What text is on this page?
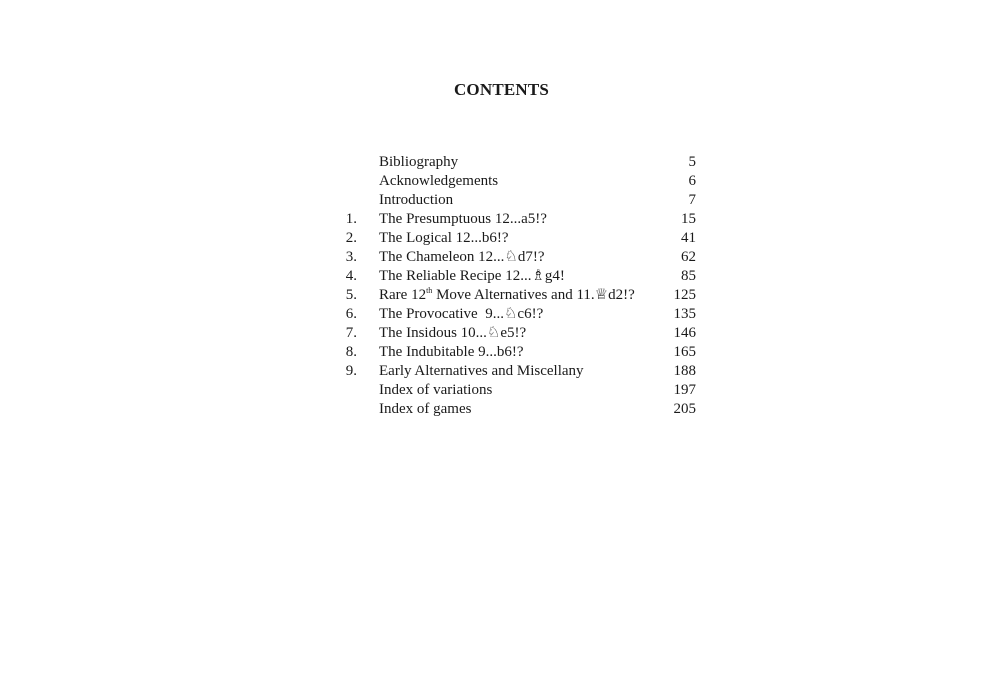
CONTENTS
Bibliography	5
Acknowledgements	6
Introduction	7
1.	The Presumptuous 12...a5!?	15
2.	The Logical 12...b6!?	41
3.	The Chameleon 12...♘d7!?	62
4.	The Reliable Recipe 12...♗g4!	85
5.	Rare 12th Move Alternatives and 11.♕d2!?	125
6.	The Provocative  9...♘c6!?	135
7.	The Insidous 10...♘e5!?	146
8.	The Indubitable 9...b6!?	165
9.	Early Alternatives and Miscellany	188
Index of variations	197
Index of games	205
